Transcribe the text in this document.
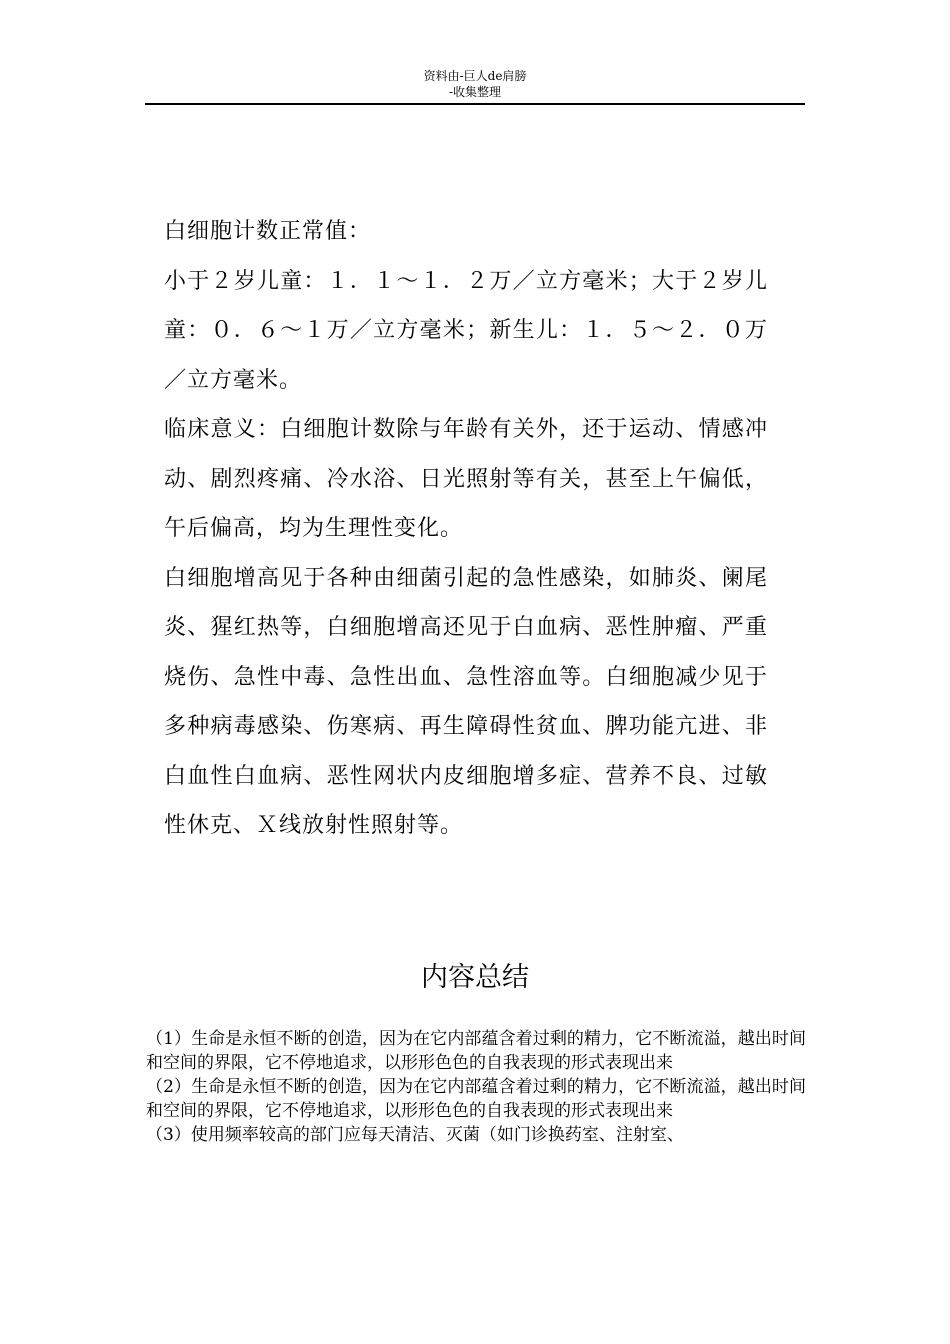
资料由-巨人de肩膀
-收集整理

白细胞计数正常值：

小于２岁儿童：１．１～１．２万／立方毫米；大于２岁儿童：０．６～１万／立方毫米；新生儿：１．５～２．０万／立方毫米。

临床意义：白细胞计数除与年龄有关外，还于运动、情感冲动、剧烈疼痛、冷水浴、日光照射等有关，甚至上午偏低，午后偏高，均为生理性变化。

白细胞增高见于各种由细菌引起的急性感染，如肺炎、阑尾炎、猩红热等，白细胞增高还见于白血病、恶性肿瘤、严重烧伤、急性中毒、急性出血、急性溶血等。白细胞减少见于多种病毒感染、伤寒病、再生障碍性贫血、脾功能亢进、非白血性白血病、恶性网状内皮细胞增多症、营养不良、过敏性休克、Ｘ线放射性照射等。

内容总结

（1）生命是永恒不断的创造，因为在它内部蕴含着过剩的精力，它不断流溢，越出时间和空间的界限，它不停地追求，以形形色色的自我表现的形式表现出来

（2）生命是永恒不断的创造，因为在它内部蕴含着过剩的精力，它不断流溢，越出时间和空间的界限，它不停地追求，以形形色色的自我表现的形式表现出来

（3）使用频率较高的部门应每天清洁、灭菌（如门诊换药室、注射室、
